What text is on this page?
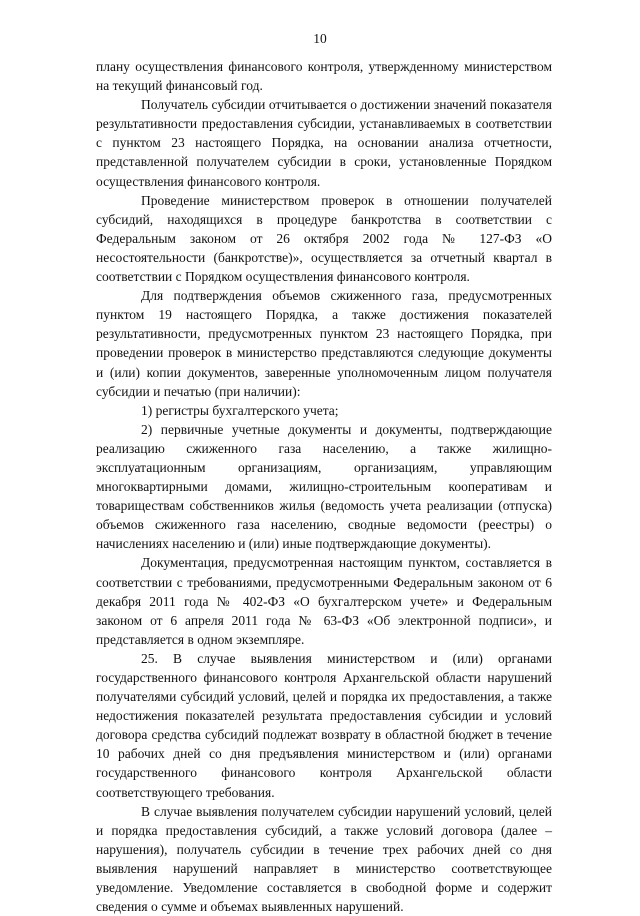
10

плану осуществления финансового контроля, утвержденному министерством на текущий финансовый год.

Получатель субсидии отчитывается о достижении значений показателя результативности предоставления субсидии, устанавливаемых в соответствии с пунктом 23 настоящего Порядка, на основании анализа отчетности, представленной получателем субсидии в сроки, установленные Порядком осуществления финансового контроля.

Проведение министерством проверок в отношении получателей субсидий, находящихся в процедуре банкротства в соответствии с Федеральным законом от 26 октября 2002 года № 127-ФЗ «О несостоятельности (банкротстве)», осуществляется за отчетный квартал в соответствии с Порядком осуществления финансового контроля.

Для подтверждения объемов сжиженного газа, предусмотренных пунктом 19 настоящего Порядка, а также достижения показателей результативности, предусмотренных пунктом 23 настоящего Порядка, при проведении проверок в министерство представляются следующие документы и (или) копии документов, заверенные уполномоченным лицом получателя субсидии и печатью (при наличии):

1) регистры бухгалтерского учета;

2) первичные учетные документы и документы, подтверждающие реализацию сжиженного газа населению, а также жилищно-эксплуатационным организациям, организациям, управляющим многоквартирными домами, жилищно-строительным кооперативам и товариществам собственников жилья (ведомость учета реализации (отпуска) объемов сжиженного газа населению, сводные ведомости (реестры) о начислениях населению и (или) иные подтверждающие документы).

Документация, предусмотренная настоящим пунктом, составляется в соответствии с требованиями, предусмотренными Федеральным законом от 6 декабря 2011 года № 402-ФЗ «О бухгалтерском учете» и Федеральным законом от 6 апреля 2011 года № 63-ФЗ «Об электронной подписи», и представляется в одном экземпляре.

25. В случае выявления министерством и (или) органами государственного финансового контроля Архангельской области нарушений получателями субсидий условий, целей и порядка их предоставления, а также недостижения показателей результата предоставления субсидии и условий договора средства субсидий подлежат возврату в областной бюджет в течение 10 рабочих дней со дня предъявления министерством и (или) органами государственного финансового контроля Архангельской области соответствующего требования.

В случае выявления получателем субсидии нарушений условий, целей и порядка предоставления субсидий, а также условий договора (далее – нарушения), получатель субсидии в течение трех рабочих дней со дня выявления нарушений направляет в министерство соответствующее уведомление. Уведомление составляется в свободной форме и содержит сведения о сумме и объемах выявленных нарушений.
